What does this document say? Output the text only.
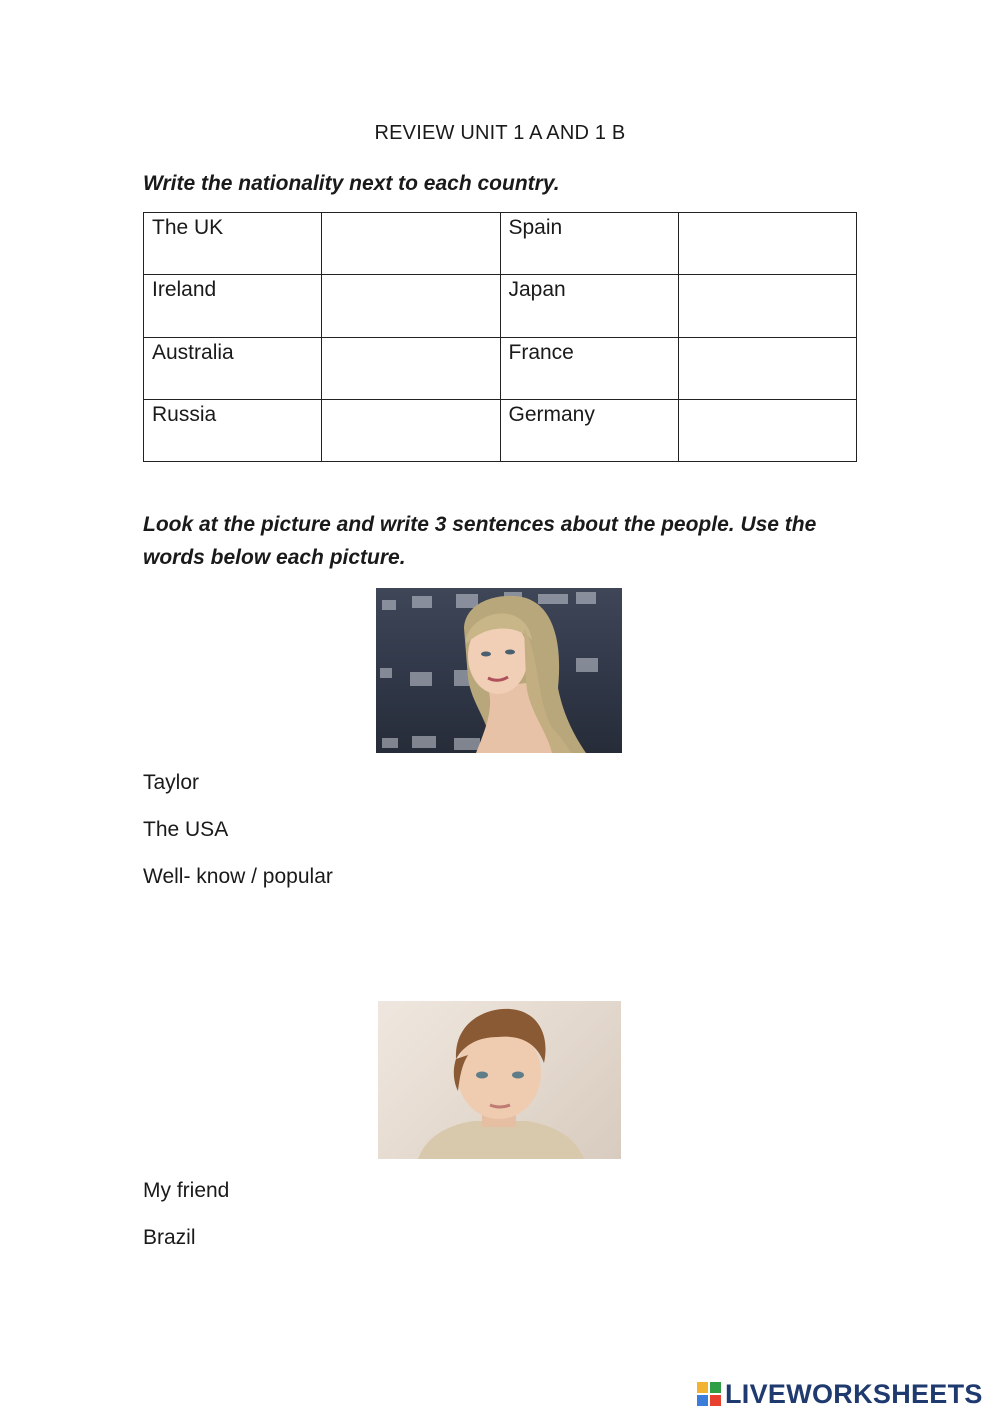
REVIEW UNIT 1 A AND 1 B
Write the nationality next to each country.
The UK		Spain	
Ireland		Japan	
Australia		France	
Russia		Germany	
Look at the picture and write 3 sentences about the people. Use the words below each picture.
Taylor
The USA
Well- know / popular
My friend
Brazil
LIVEWORKSHEETS
